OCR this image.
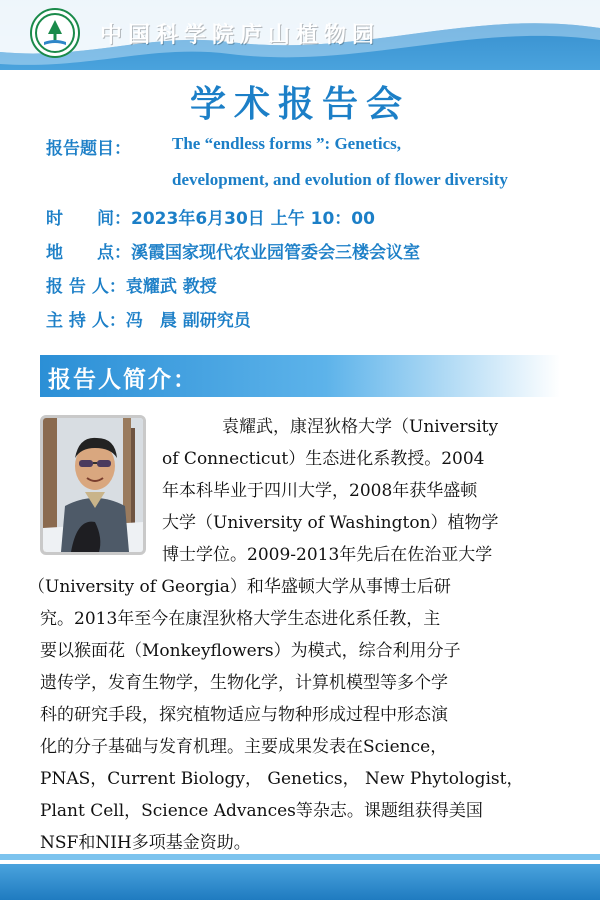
中国科学院庐山植物园
学术报告会
报告题目： The “endless forms ”: Genetics,
development, and evolution of flower diversity
时　　间：2023年6月30日 上午 10：00
地　　点：溪霞国家现代农业园管委会三楼会议室
报 告 人：袁耀武 教授
主 持 人：冯　晨 副研究员
报告人简介：
袁耀武，康涅狄格大学（University
of Connecticut）生态进化系教授。2004
年本科毕业于四川大学，2008年获华盛顿
大学（University of Washington）植物学
博士学位。2009-2013年先后在佐治亚大学
（University of Georgia）和华盛顿大学从事博士后研
究。2013年至今在康涅狄格大学生态进化系任教，主
要以猴面花（Monkeyflowers）为模式，综合利用分子
遗传学，发育生物学，生物化学，计算机模型等多个学
科的研究手段，探究植物适应与物种形成过程中形态演
化的分子基础与发育机理。主要成果发表在Science，
PNAS，Current Biology， Genetics， New Phytologist，
Plant Cell，Science Advances等杂志。课题组获得美国
NSF和NIH多项基金资助。
